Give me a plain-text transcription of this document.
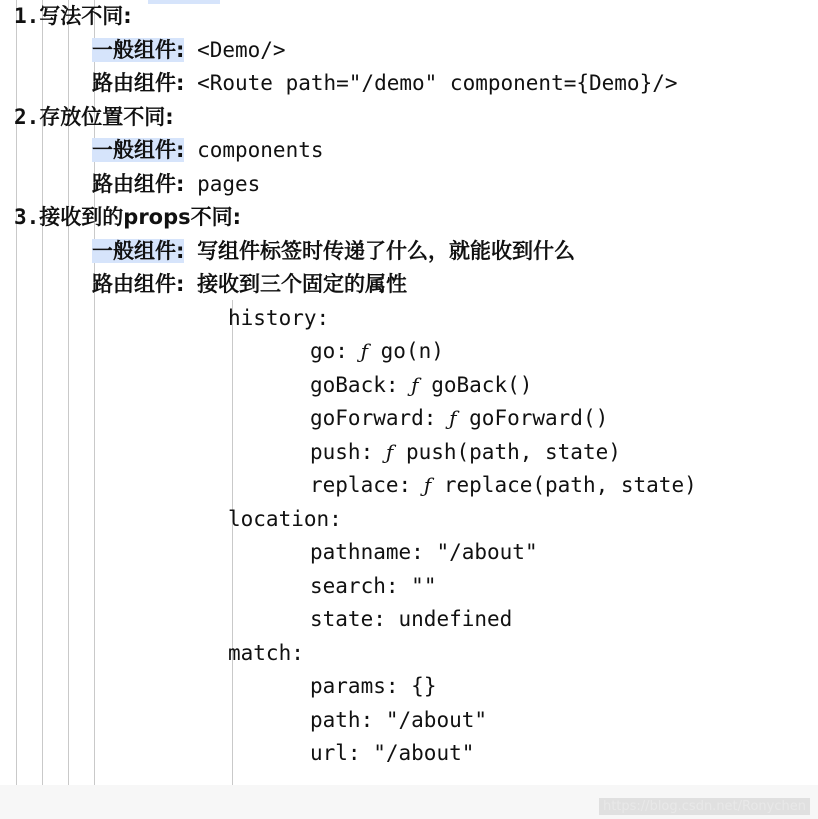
1.写法不同:
一般组件: <Demo/>
路由组件: <Route path="/demo" component={Demo}/>
2.存放位置不同:
一般组件: components
路由组件: pages
3.接收到的props不同:
一般组件: 写组件标签时传递了什么，就能收到什么
路由组件: 接收到三个固定的属性
history:
go: ƒ go(n)
goBack: ƒ goBack()
goForward: ƒ goForward()
push: ƒ push(path, state)
replace: ƒ replace(path, state)
location:
pathname: "/about"
search: ""
state: undefined
match:
params: {}
path: "/about"
url: "/about"
https://blog.csdn.net/Ronychen
